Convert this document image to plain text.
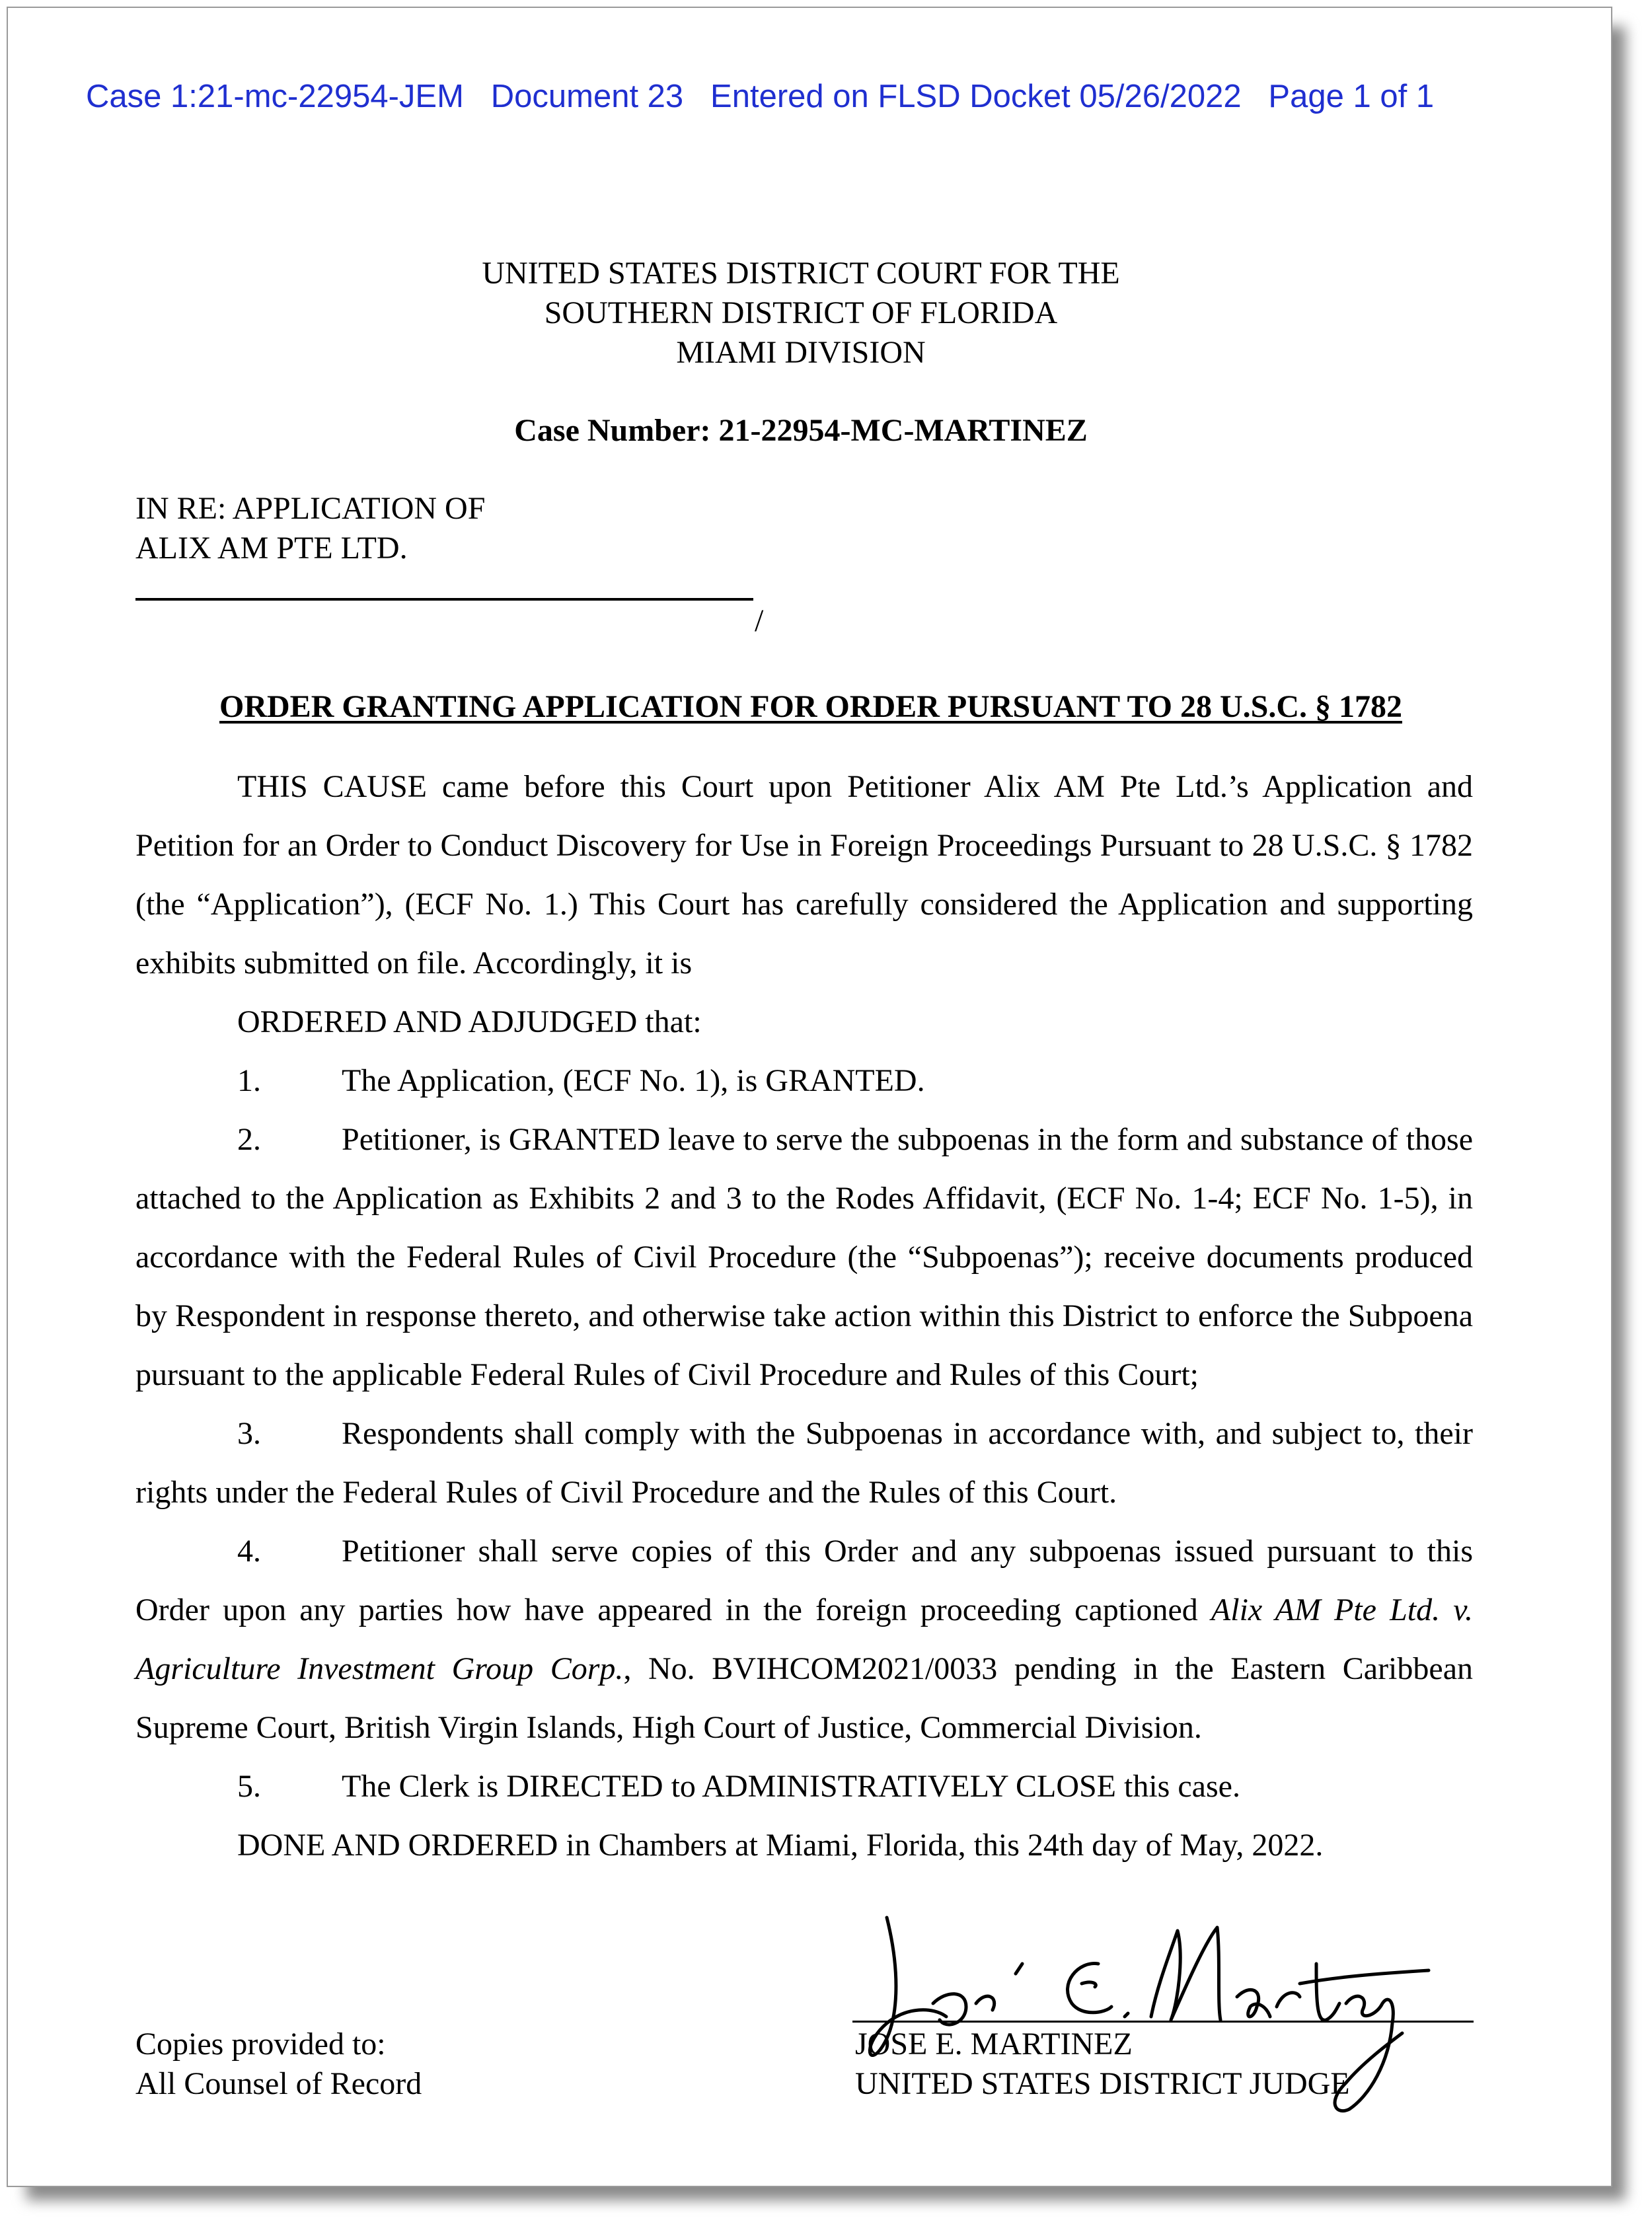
Case 1:21-mc-22954-JEM   Document 23   Entered on FLSD Docket 05/26/2022   Page 1 of 1
UNITED STATES DISTRICT COURT FOR THE
SOUTHERN DISTRICT OF FLORIDA
MIAMI DIVISION
Case Number: 21-22954-MC-MARTINEZ
IN RE: APPLICATION OF
ALIX AM PTE LTD.
/
ORDER GRANTING APPLICATION FOR ORDER PURSUANT TO 28 U.S.C. § 1782

THIS CAUSE came before this Court upon Petitioner Alix AM Pte Ltd.’s Application and Petition for an Order to Conduct Discovery for Use in Foreign Proceedings Pursuant to 28 U.S.C. § 1782 (the “Application”), (ECF No. 1.) This Court has carefully considered the Application and supporting exhibits submitted on file. Accordingly, it is

ORDERED AND ADJUDGED that:

1.	The Application, (ECF No. 1), is GRANTED.

2.	Petitioner, is GRANTED leave to serve the subpoenas in the form and substance of those attached to the Application as Exhibits 2 and 3 to the Rodes Affidavit, (ECF No. 1-4; ECF No. 1-5), in accordance with the Federal Rules of Civil Procedure (the “Subpoenas”); receive documents produced by Respondent in response thereto, and otherwise take action within this District to enforce the Subpoena pursuant to the applicable Federal Rules of Civil Procedure and Rules of this Court;

3.	Respondents shall comply with the Subpoenas in accordance with, and subject to, their rights under the Federal Rules of Civil Procedure and the Rules of this Court.

4.	Petitioner shall serve copies of this Order and any subpoenas issued pursuant to this Order upon any parties how have appeared in the foreign proceeding captioned Alix AM Pte Ltd. v. Agriculture Investment Group Corp., No. BVIHCOM2021/0033 pending in the Eastern Caribbean Supreme Court, British Virgin Islands, High Court of Justice, Commercial Division.

5.	The Clerk is DIRECTED to ADMINISTRATIVELY CLOSE this case.

DONE AND ORDERED in Chambers at Miami, Florida, this 24th day of May, 2022.

JOSE E. MARTINEZ
UNITED STATES DISTRICT JUDGE
Copies provided to:
All Counsel of Record
